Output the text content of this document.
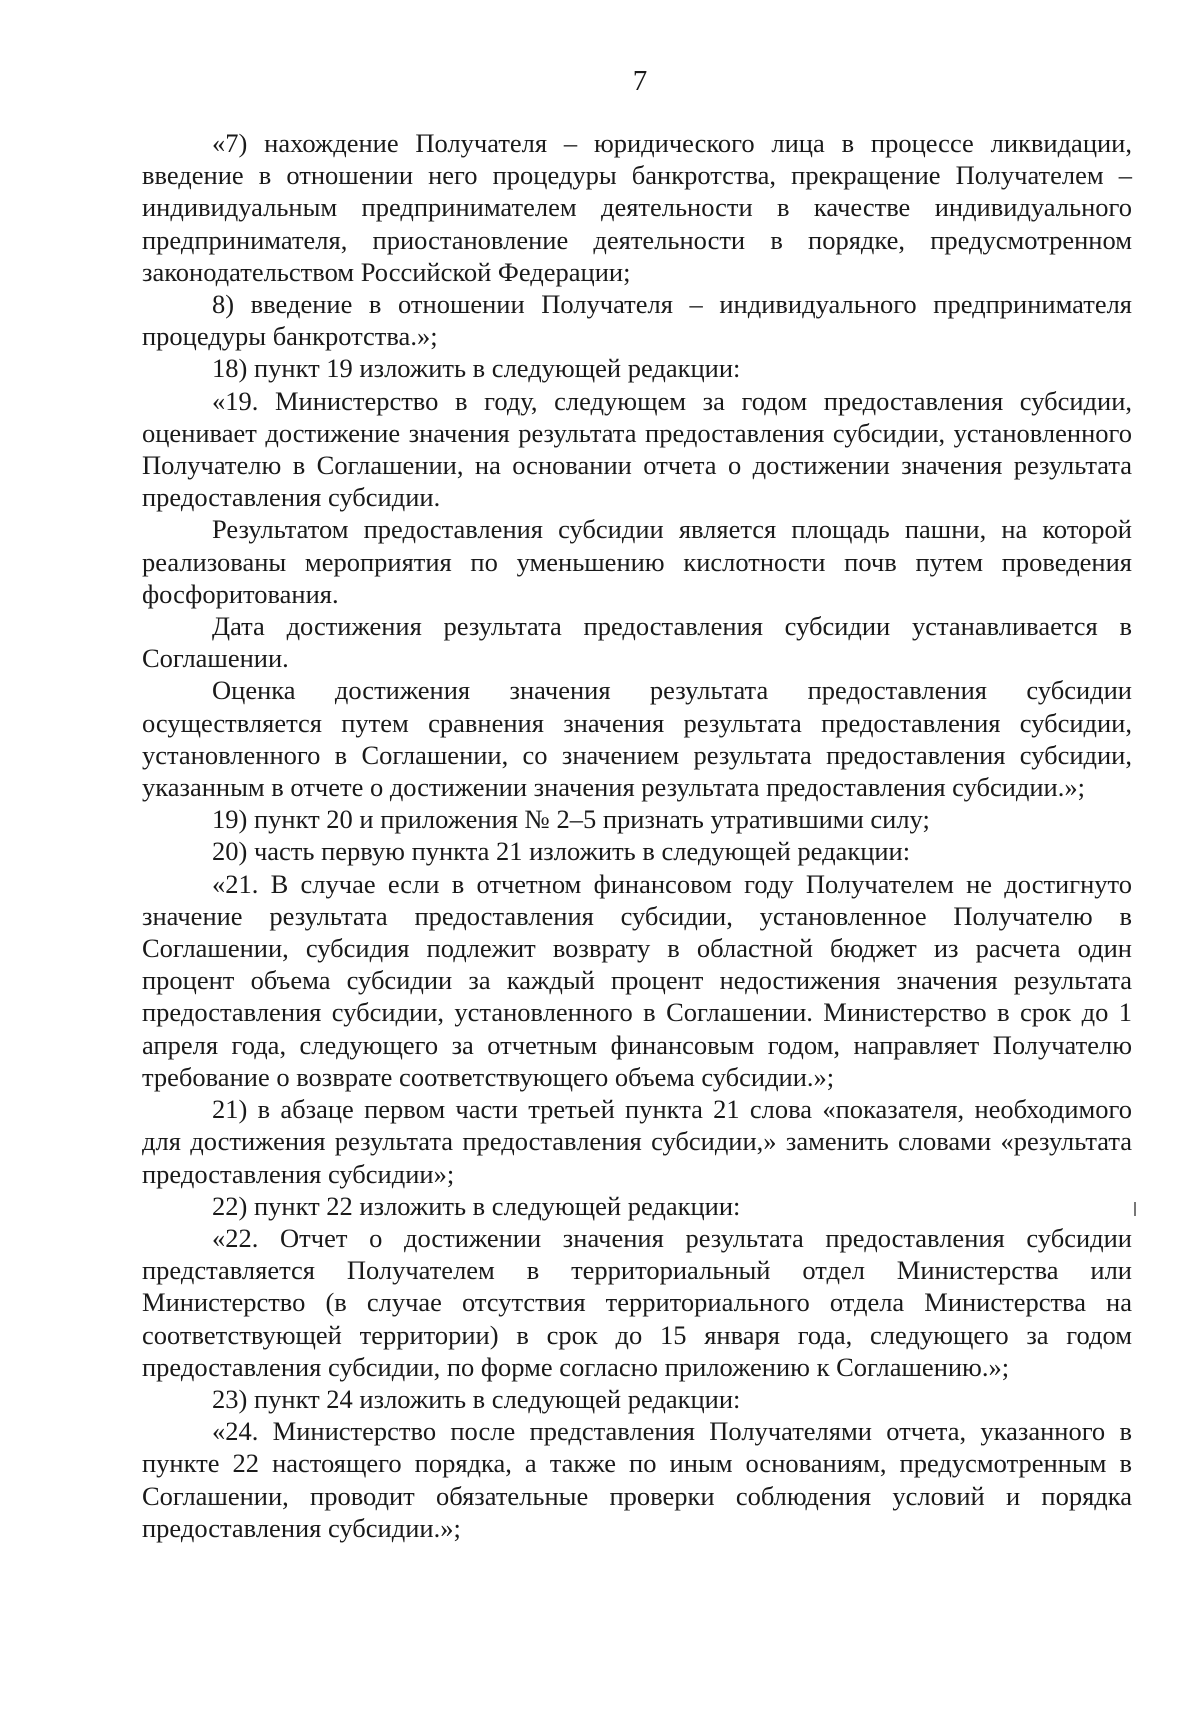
7

«7) нахождение Получателя – юридического лица в процессе ликвидации, введение в отношении него процедуры банкротства, прекращение Получателем – индивидуальным предпринимателем деятельности в качестве индивидуального предпринимателя, приостановление деятельности в порядке, предусмотренном законодательством Российской Федерации;

8) введение в отношении Получателя – индивидуального предпринимателя процедуры банкротства.»;

18) пункт 19 изложить в следующей редакции:

«19. Министерство в году, следующем за годом предоставления субсидии, оценивает достижение значения результата предоставления субсидии, установленного Получателю в Соглашении, на основании отчета о достижении значения результата предоставления субсидии.

Результатом предоставления субсидии является площадь пашни, на которой реализованы мероприятия по уменьшению кислотности почв путем проведения фосфоритования.

Дата достижения результата предоставления субсидии устанавливается в Соглашении.

Оценка достижения значения результата предоставления субсидии осуществляется путем сравнения значения результата предоставления субсидии, установленного в Соглашении, со значением результата предоставления субсидии, указанным в отчете о достижении значения результата предоставления субсидии.»;

19) пункт 20 и приложения № 2–5 признать утратившими силу;

20) часть первую пункта 21 изложить в следующей редакции:

«21. В случае если в отчетном финансовом году Получателем не достигнуто значение результата предоставления субсидии, установленное Получателю в Соглашении, субсидия подлежит возврату в областной бюджет из расчета один процент объема субсидии за каждый процент недостижения значения результата предоставления субсидии, установленного в Соглашении. Министерство в срок до 1 апреля года, следующего за отчетным финансовым годом, направляет Получателю требование о возврате соответствующего объема субсидии.»;

21) в абзаце первом части третьей пункта 21 слова «показателя, необходимого для достижения результата предоставления субсидии,» заменить словами «результата предоставления субсидии»;

22) пункт 22 изложить в следующей редакции:

«22. Отчет о достижении значения результата предоставления субсидии представляется Получателем в территориальный отдел Министерства или Министерство (в случае отсутствия территориального отдела Министерства на соответствующей территории) в срок до 15 января года, следующего за годом предоставления субсидии, по форме согласно приложению к Соглашению.»;

23) пункт 24 изложить в следующей редакции:

«24. Министерство после представления Получателями отчета, указанного в пункте 22 настоящего порядка, а также по иным основаниям, предусмотренным в Соглашении, проводит обязательные проверки соблюдения условий и порядка предоставления субсидии.»;
